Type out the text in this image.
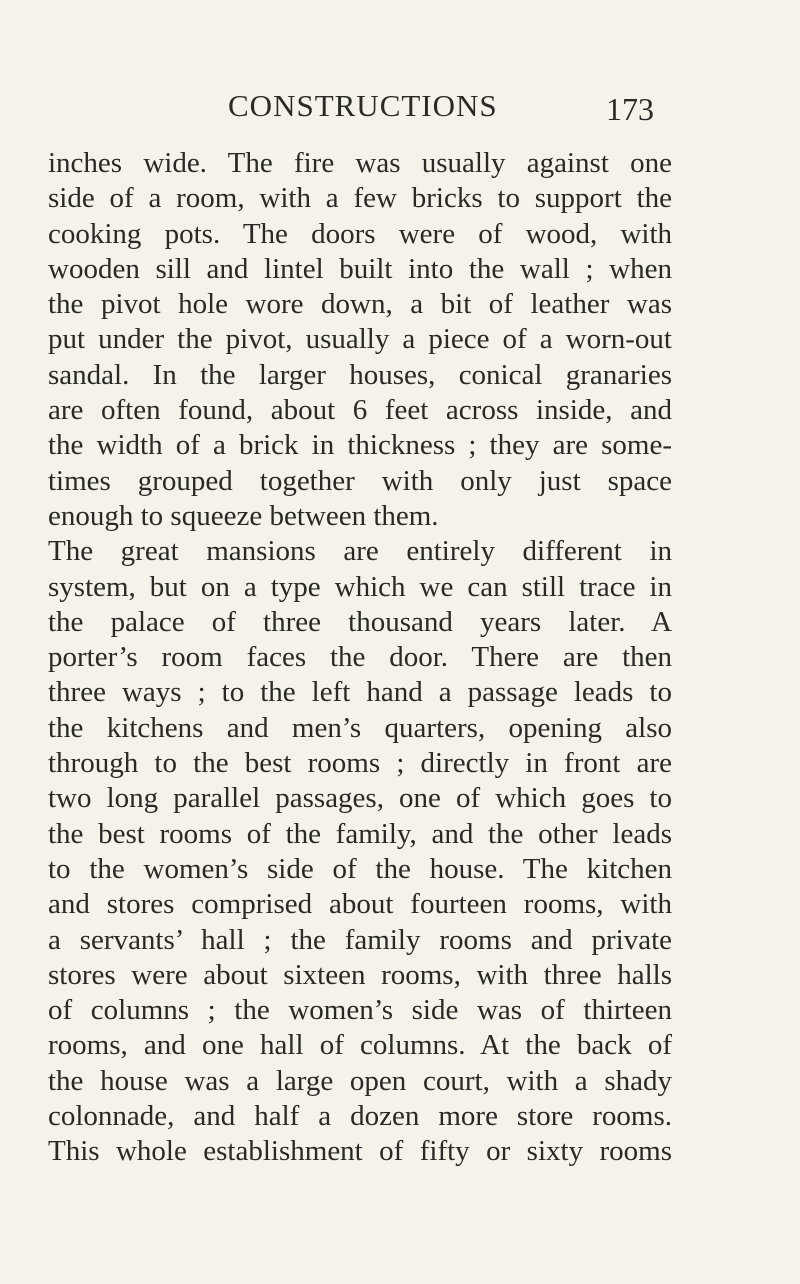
CONSTRUCTIONS	173
inches wide. The fire was usually against one
side of a room, with a few bricks to support the
cooking pots. The doors were of wood, with
wooden sill and lintel built into the wall ; when
the pivot hole wore down, a bit of leather was
put under the pivot, usually a piece of a worn-out
sandal. In the larger houses, conical granaries
are often found, about 6 feet across inside, and
the width of a brick in thickness ; they are some-
times grouped together with only just space
enough to squeeze between them.
The great mansions are entirely different in
system, but on a type which we can still trace in
the palace of three thousand years later. A
porter’s room faces the door. There are then
three ways ; to the left hand a passage leads to
the kitchens and men’s quarters, opening also
through to the best rooms ; directly in front are
two long parallel passages, one of which goes to
the best rooms of the family, and the other leads
to the women’s side of the house. The kitchen
and stores comprised about fourteen rooms, with
a servants’ hall ; the family rooms and private
stores were about sixteen rooms, with three halls
of columns ; the women’s side was of thirteen
rooms, and one hall of columns. At the back of
the house was a large open court, with a shady
colonnade, and half a dozen more store rooms.
This whole establishment of fifty or sixty rooms
